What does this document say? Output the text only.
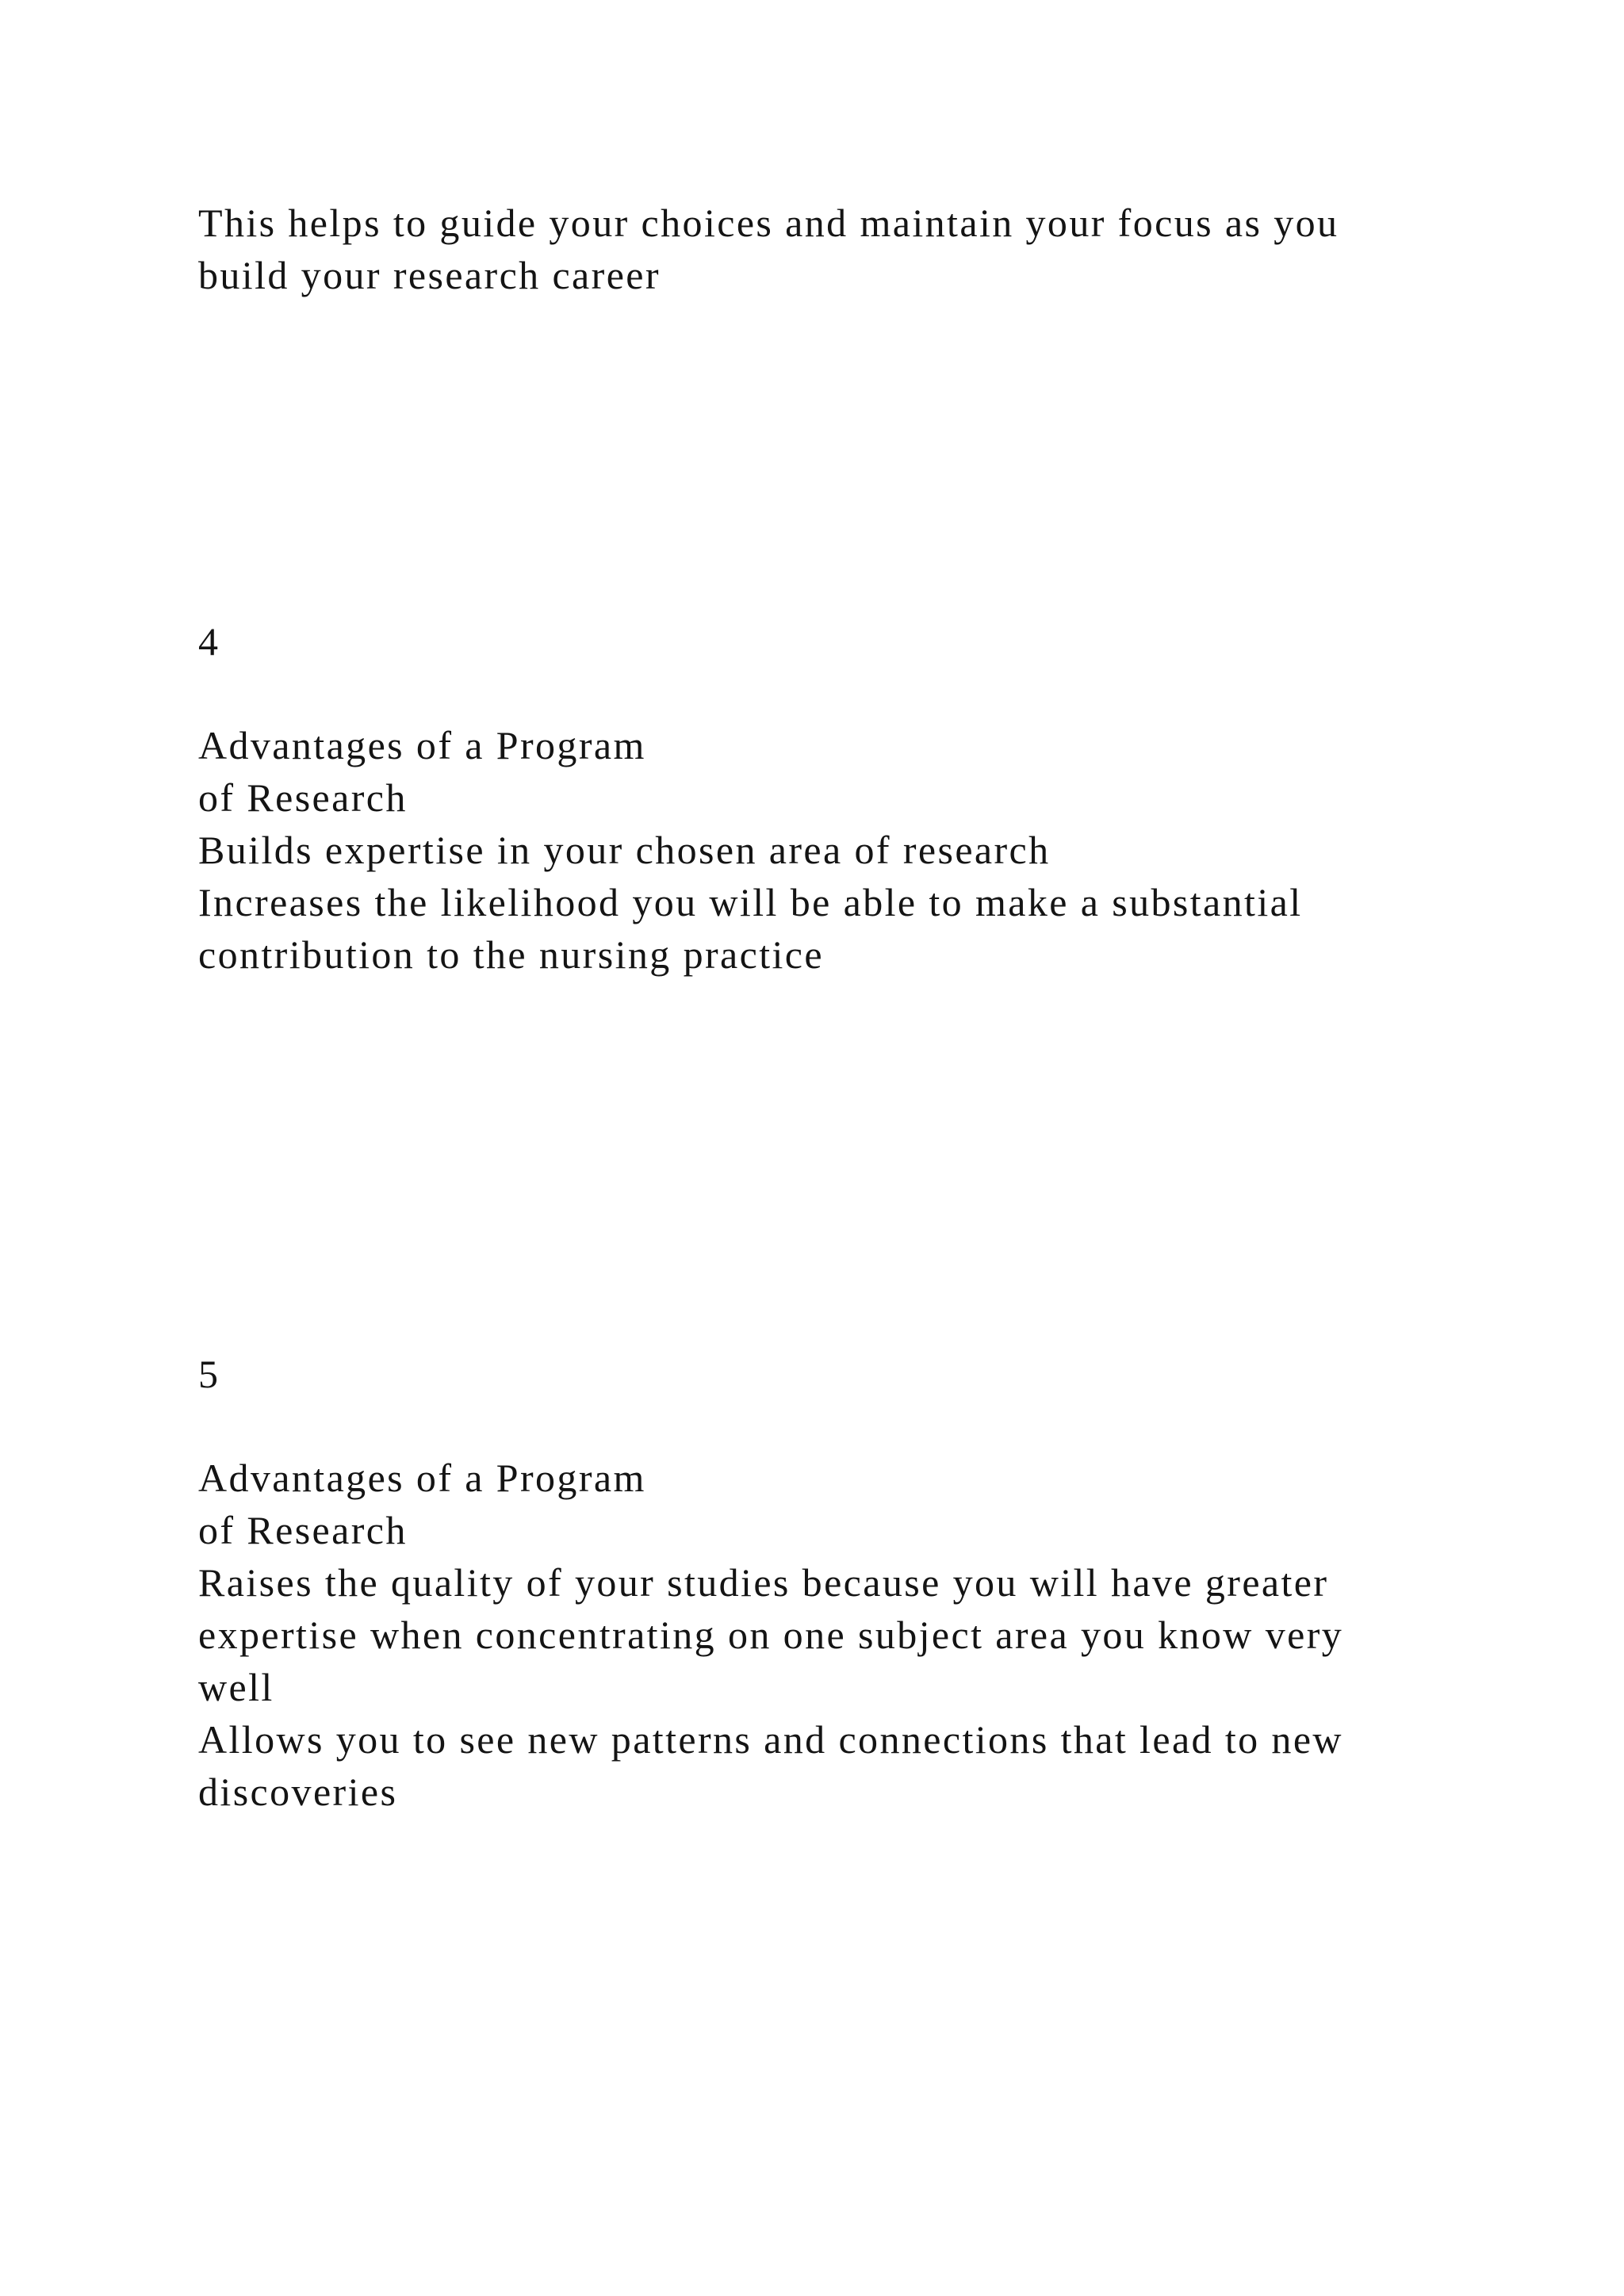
This helps to guide your choices and maintain your focus as you

build your research career

4

Advantages of a Program

of Research

Builds expertise in your chosen area of research

Increases the likelihood you will be able to make a substantial

contribution to the nursing practice

5

Advantages of a Program

of Research

Raises the quality of your studies because you will have greater

expertise when concentrating on one subject area you know very

well

Allows you to see new patterns and connections that lead to new

discoveries
